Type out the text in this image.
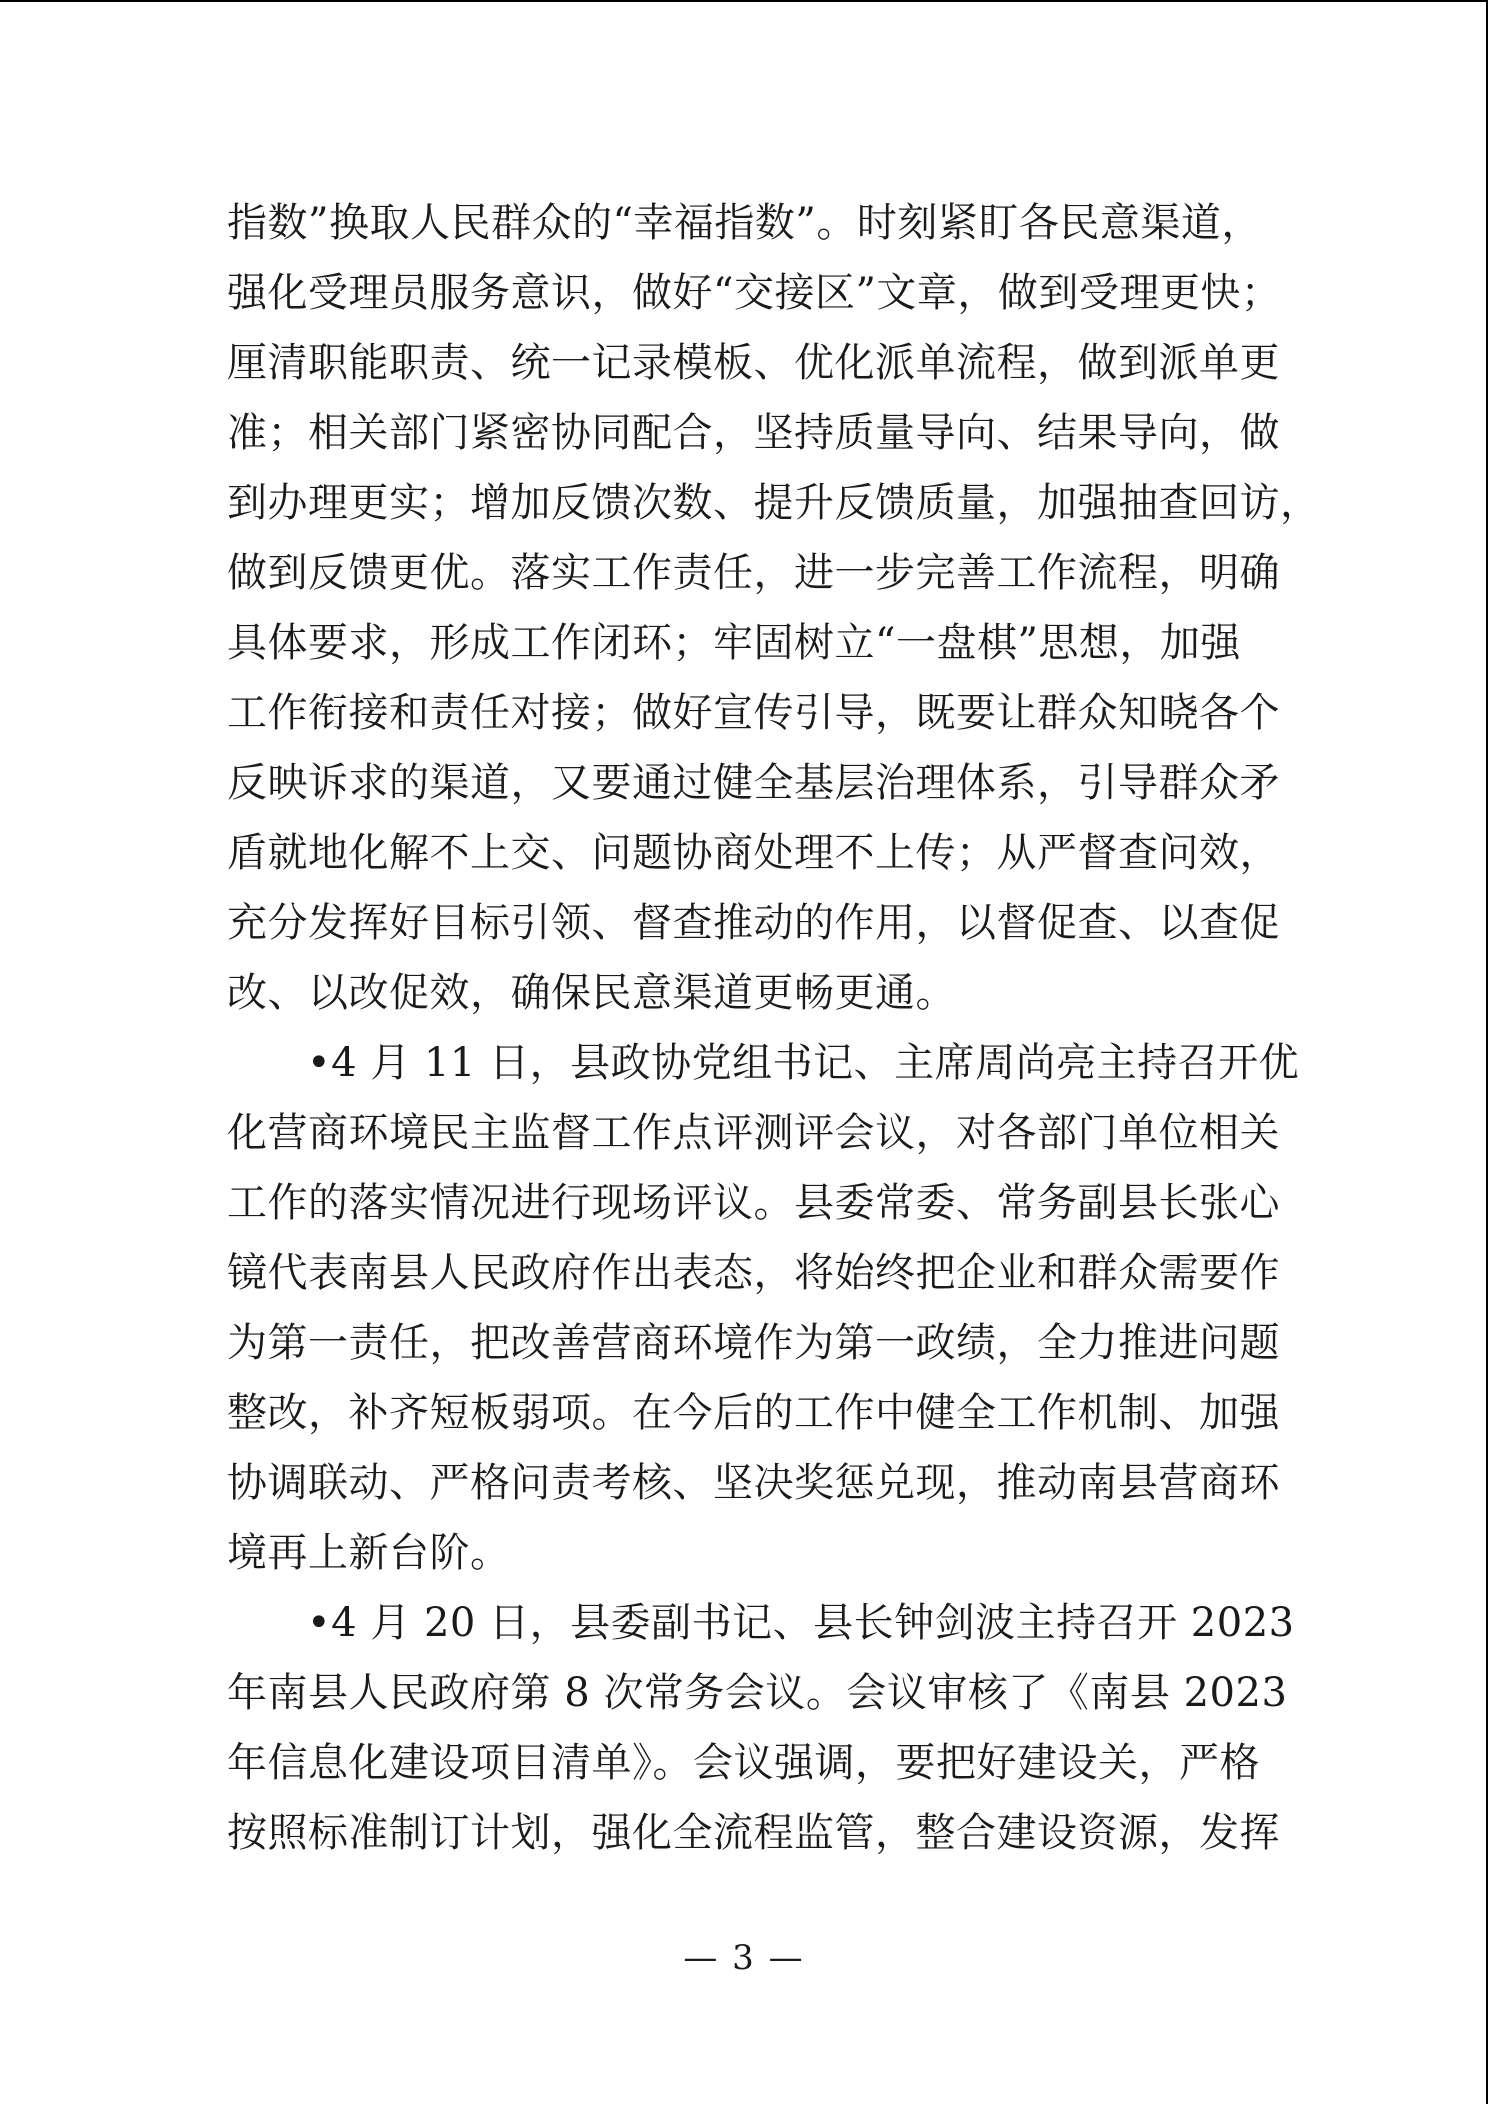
指数”换取人民群众的“幸福指数”。时刻紧盯各民意渠道，
强化受理员服务意识，做好“交接区”文章，做到受理更快；
厘清职能职责、统一记录模板、优化派单流程，做到派单更
准；相关部门紧密协同配合，坚持质量导向、结果导向，做
到办理更实；增加反馈次数、提升反馈质量，加强抽查回访，
做到反馈更优。落实工作责任，进一步完善工作流程，明确
具体要求，形成工作闭环；牢固树立“一盘棋”思想，加强
工作衔接和责任对接；做好宣传引导，既要让群众知晓各个
反映诉求的渠道，又要通过健全基层治理体系，引导群众矛
盾就地化解不上交、问题协商处理不上传；从严督查问效，
充分发挥好目标引领、督查推动的作用，以督促查、以查促
改、以改促效，确保民意渠道更畅更通。
•4 月 11 日，县政协党组书记、主席周尚亮主持召开优
化营商环境民主监督工作点评测评会议，对各部门单位相关
工作的落实情况进行现场评议。县委常委、常务副县长张心
镜代表南县人民政府作出表态，将始终把企业和群众需要作
为第一责任，把改善营商环境作为第一政绩，全力推进问题
整改，补齐短板弱项。在今后的工作中健全工作机制、加强
协调联动、严格问责考核、坚决奖惩兑现，推动南县营商环
境再上新台阶。
•4 月 20 日，县委副书记、县长钟剑波主持召开 2023
年南县人民政府第 8 次常务会议。会议审核了《南县 2023
年信息化建设项目清单》。会议强调，要把好建设关，严格
按照标准制订计划，强化全流程监管，整合建设资源，发挥
— 3 —
